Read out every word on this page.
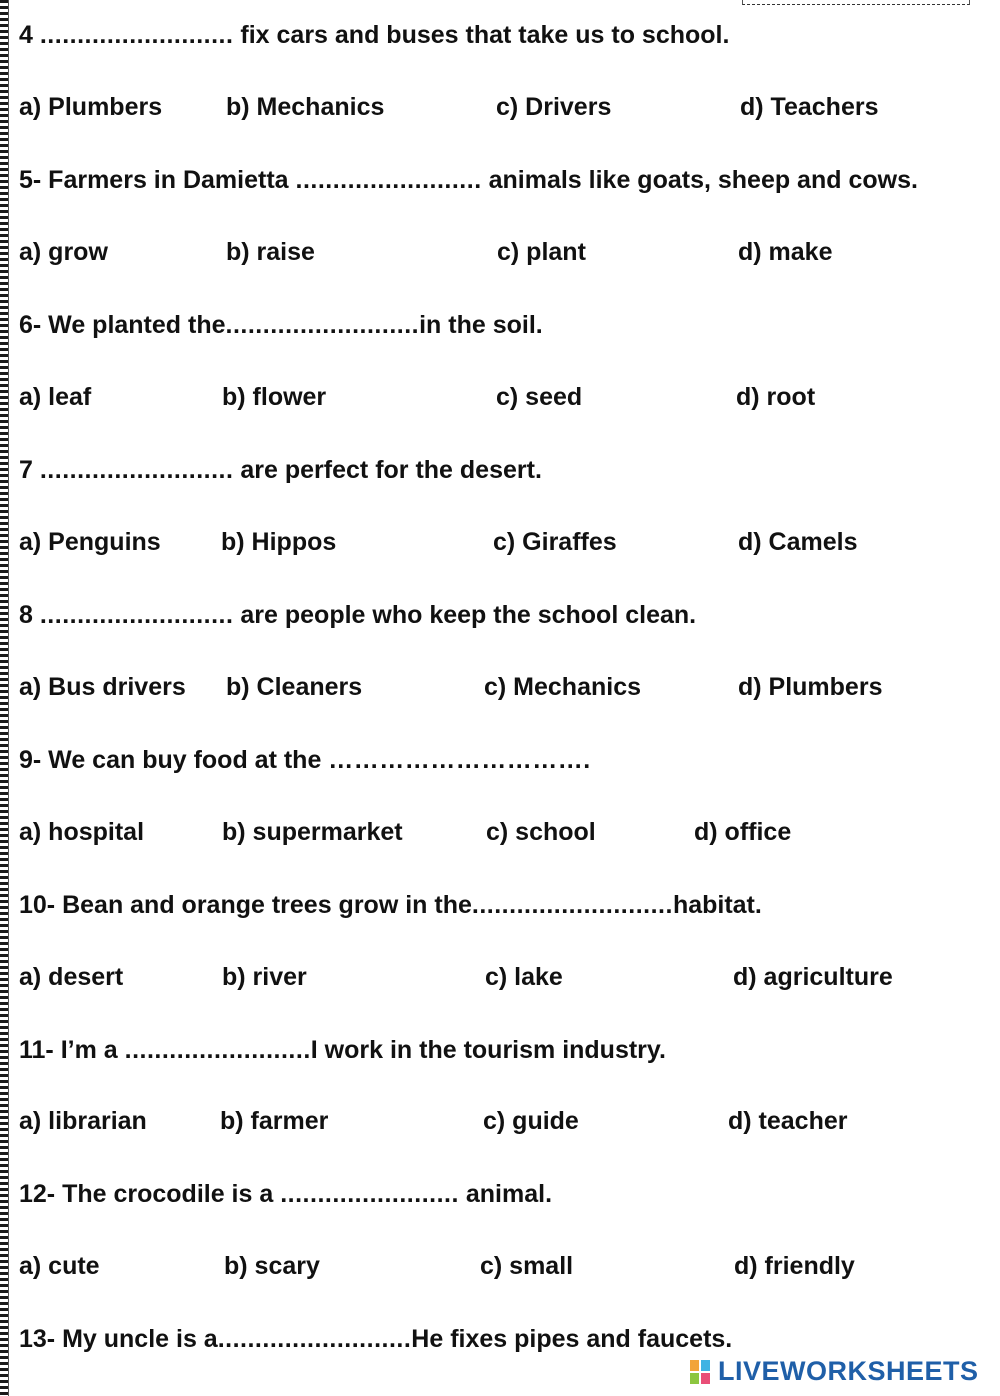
4 .......................... fix cars and buses that take us to school.
a) Plumbers	b) Mechanics	c) Drivers	d) Teachers
5- Farmers in Damietta ......................... animals like goats, sheep and cows.
a) grow	b) raise	c) plant	d) make
6- We planted the..........................in the soil.
a) leaf	b) flower	c) seed	d) root
7 .......................... are perfect for the desert.
a) Penguins b) Hippos	c) Giraffes	d) Camels
8 .......................... are people who keep the school clean.
a) Bus drivers b) Cleaners	c) Mechanics	d) Plumbers
9- We can buy food at the ………………………….
a) hospital	b) supermarket	c) school	d) office
10- Bean and orange trees grow in the...........................habitat.
a) desert	b) river	c) lake	d) agriculture
11- I’m a .........................I work in the tourism industry.
a) librarian	b) farmer	c) guide	d) teacher
12- The crocodile is a ........................ animal.
a) cute	b) scary	c) small	d) friendly
13- My uncle is a..........................He fixes pipes and faucets.
LIVEWORKSHEETS
